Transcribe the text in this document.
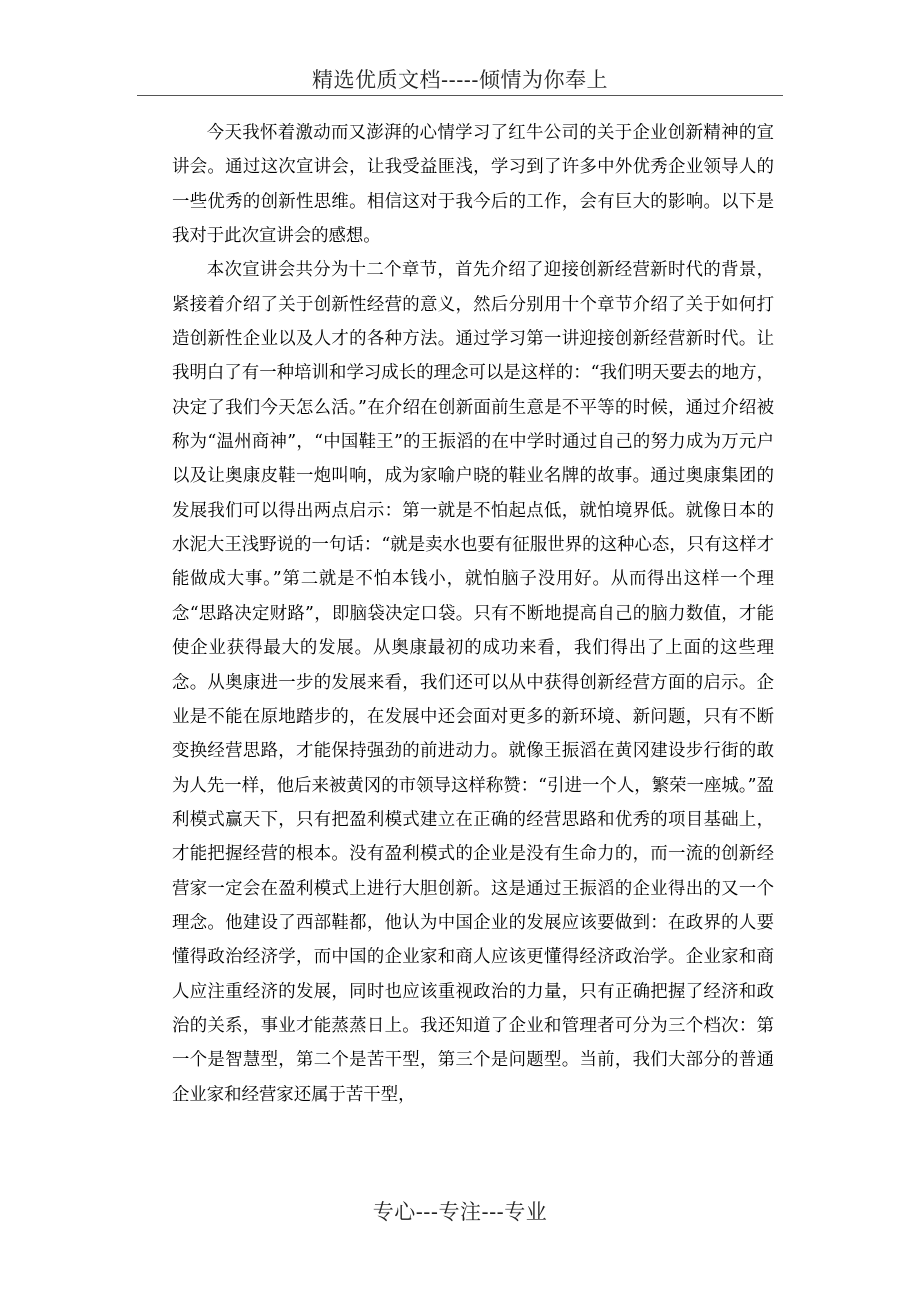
精选优质文档-----倾情为你奉上

今天我怀着激动而又澎湃的心情学习了红牛公司的关于企业创新精神的宣讲会。通过这次宣讲会，让我受益匪浅，学习到了许多中外优秀企业领导人的一些优秀的创新性思维。相信这对于我今后的工作，会有巨大的影响。以下是我对于此次宣讲会的感想。

本次宣讲会共分为十二个章节，首先介绍了迎接创新经营新时代的背景，紧接着介绍了关于创新性经营的意义，然后分别用十个章节介绍了关于如何打造创新性企业以及人才的各种方法。通过学习第一讲迎接创新经营新时代。让我明白了有一种培训和学习成长的理念可以是这样的：“我们明天要去的地方，决定了我们今天怎么活。”在介绍在创新面前生意是不平等的时候，通过介绍被称为“温州商神”，“中国鞋王”的王振滔的在中学时通过自己的努力成为万元户以及让奥康皮鞋一炮叫响，成为家喻户晓的鞋业名牌的故事。通过奥康集团的发展我们可以得出两点启示：第一就是不怕起点低，就怕境界低。就像日本的水泥大王浅野说的一句话：“就是卖水也要有征服世界的这种心态，只有这样才能做成大事。”第二就是不怕本钱小，就怕脑子没用好。从而得出这样一个理念“思路决定财路”，即脑袋决定口袋。只有不断地提高自己的脑力数值，才能使企业获得最大的发展。从奥康最初的成功来看，我们得出了上面的这些理念。从奥康进一步的发展来看，我们还可以从中获得创新经营方面的启示。企业是不能在原地踏步的，在发展中还会面对更多的新环境、新问题，只有不断变换经营思路，才能保持强劲的前进动力。就像王振滔在黄冈建设步行街的敢为人先一样，他后来被黄冈的市领导这样称赞：“引进一个人，繁荣一座城。”盈利模式赢天下，只有把盈利模式建立在正确的经营思路和优秀的项目基础上，才能把握经营的根本。没有盈利模式的企业是没有生命力的，而一流的创新经营家一定会在盈利模式上进行大胆创新。这是通过王振滔的企业得出的又一个理念。他建设了西部鞋都，他认为中国企业的发展应该要做到：在政界的人要懂得政治经济学，而中国的企业家和商人应该更懂得经济政治学。企业家和商人应注重经济的发展，同时也应该重视政治的力量，只有正确把握了经济和政治的关系，事业才能蒸蒸日上。我还知道了企业和管理者可分为三个档次：第一个是智慧型，第二个是苦干型，第三个是问题型。当前，我们大部分的普通企业家和经营家还属于苦干型，

专心---专注---专业
